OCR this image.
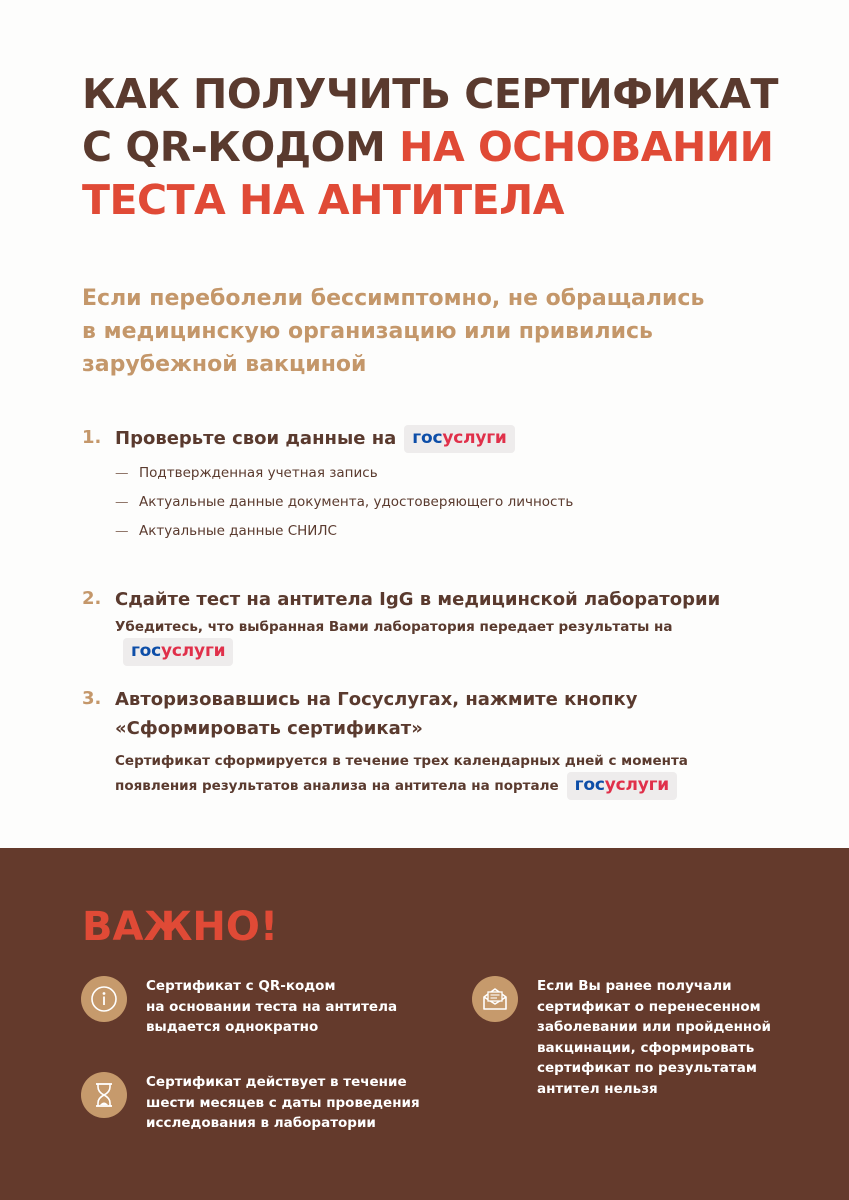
КАК ПОЛУЧИТЬ СЕРТИФИКАТ
С QR-КОДОМ НА ОСНОВАНИИ
ТЕСТА НА АНТИТЕЛА
Если переболели бессимптомно, не обращались
в медицинскую организацию или привились
зарубежной вакциной
1. Проверьте свои данные на госуслуги
— Подтвержденная учетная запись
— Актуальные данные документа, удостоверяющего личность
— Актуальные данные СНИЛС
2. Сдайте тест на антитела IgG в медицинской лаборатории
Убедитесь, что выбранная Вами лаборатория передает результаты нагосуслуги
3. Авторизовавшись на Госуслугах, нажмите кнопку
«Сформировать сертификат»
Сертификат сформируется в течение трех календарных дней с момента
появления результатов анализа на антитела на портале госуслуги
ВАЖНО!
Сертификат с QR-кодом
на основании теста на антитела
выдается однократно
Сертификат действует в течение
шести месяцев с даты проведения
исследования в лаборатории
Если Вы ранее получали
сертификат о перенесенном
заболевании или пройденной
вакцинации, сформировать
сертификат по результатам
антител нельзя
